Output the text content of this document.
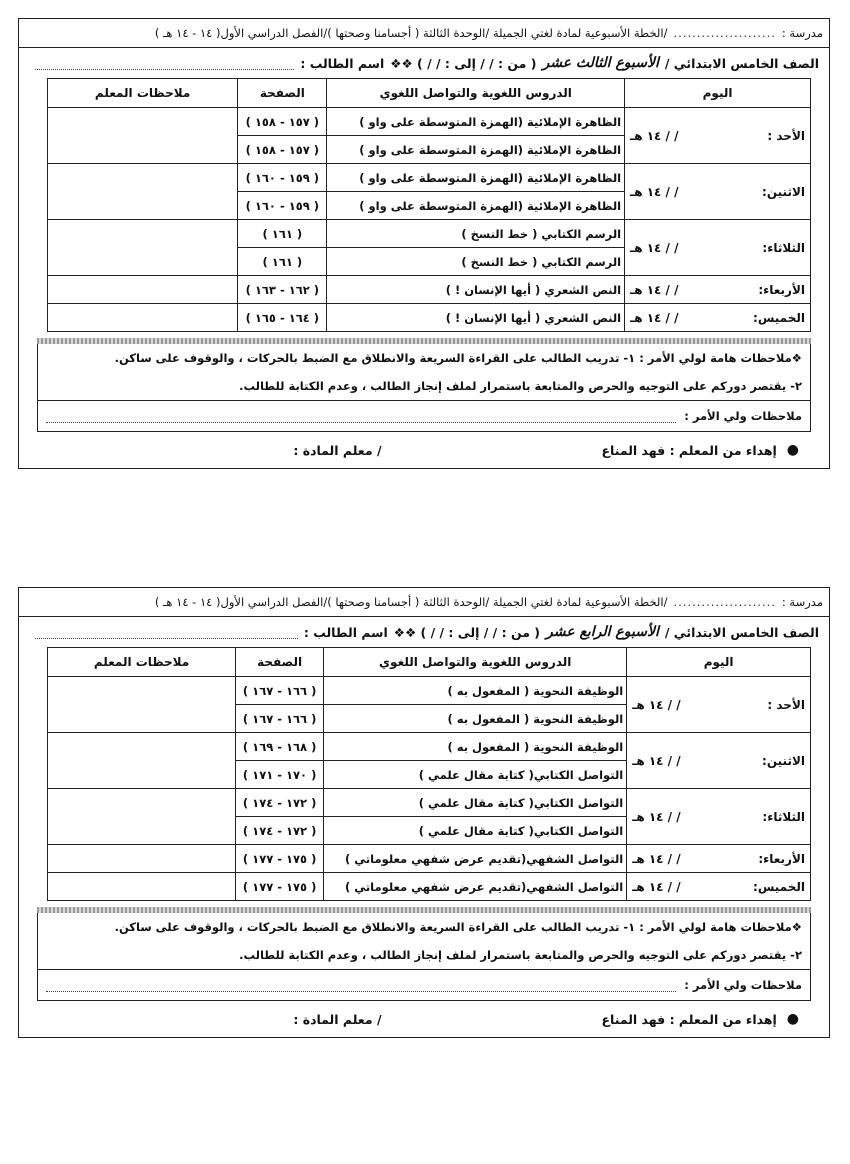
مدرسة :
......................
/الخطة الأسبوعية لمادة لغتي الجميلة /الوحدة الثالثة ( أجسامنا وصحتها )/الفصل الدراسي الأول( ١٤ - ١٤ هـ )
الصف الخامس الابتدائي /
الأسبوع الثالث عشر
( من : / / إلى : / / ) ❖❖
اسم الطالب :
اليوم	الدروس اللغوية والتواصل اللغوي	الصفحة	ملاحظات المعلم

الأحد :
/ / ١٤ هـ	الظاهرة الإملائية (الهمزة المتوسطة على واو )	( ١٥٧ - ١٥٨ )	
	الظاهرة الإملائية (الهمزة المتوسطة على واو )	( ١٥٧ - ١٥٨ )	

الاثنين:
/ / ١٤ هـ	الظاهرة الإملائية (الهمزة المتوسطة على واو )	( ١٥٩ - ١٦٠ )	
	الظاهرة الإملائية (الهمزة المتوسطة على واو )	( ١٥٩ - ١٦٠ )	

الثلاثاء:
/ / ١٤ هـ	الرسم الكتابي ( خط النسخ )	( ١٦١ )	
	الرسم الكتابي ( خط النسخ )	( ١٦١ )	

الأربعاء:
/ / ١٤ هـ	النص الشعري ( أيها الإنسان ! )	( ١٦٢ - ١٦٣ )	

الخميس:
/ / ١٤ هـ	النص الشعري ( أيها الإنسان ! )	( ١٦٤ - ١٦٥ )	
❖ملاحظات هامة لولي الأمر : ١- تدريب الطالب على القراءة السريعة والانطلاق مع الضبط بالحركات ، والوقوف على ساكن.
٢- يقتصر دوركم على التوجيه والحرص والمتابعة باستمرار لملف إنجاز الطالب ، وعدم الكتابة للطالب.
ملاحظات ولي الأمر :
●
إهداء من المعلم : فهد المناع
/ معلم المادة :
مدرسة :
......................
/الخطة الأسبوعية لمادة لغتي الجميلة /الوحدة الثالثة ( أجسامنا وصحتها )/الفصل الدراسي الأول( ١٤ - ١٤ هـ )
الصف الخامس الابتدائي /
الأسبوع الرابع عشر
( من : / / إلى : / / ) ❖❖
اسم الطالب :
اليوم	الدروس اللغوية والتواصل اللغوي	الصفحة	ملاحظات المعلم

الأحد :
/ / ١٤ هـ	الوظيفة النحوية ( المفعول به )	( ١٦٦ - ١٦٧ )	
	الوظيفة النحوية ( المفعول به )	( ١٦٦ - ١٦٧ )	

الاثنين:
/ / ١٤ هـ	الوظيفة النحوية ( المفعول به )	( ١٦٨ - ١٦٩ )	
	التواصل الكتابي( كتابة مقال علمي )	( ١٧٠ - ١٧١ )	

الثلاثاء:
/ / ١٤ هـ	التواصل الكتابي( كتابة مقال علمي )	( ١٧٢ - ١٧٤ )	
	التواصل الكتابي( كتابة مقال علمي )	( ١٧٢ - ١٧٤ )	

الأربعاء:
/ / ١٤ هـ	التواصل الشفهي(تقديم عرض شفهي معلوماتي )	( ١٧٥ - ١٧٧ )	

الخميس:
/ / ١٤ هـ	التواصل الشفهي(تقديم عرض شفهي معلوماتي )	( ١٧٥ - ١٧٧ )	
❖ملاحظات هامة لولي الأمر : ١- تدريب الطالب على القراءة السريعة والانطلاق مع الضبط بالحركات ، والوقوف على ساكن.
٢- يقتصر دوركم على التوجيه والحرص والمتابعة باستمرار لملف إنجاز الطالب ، وعدم الكتابة للطالب.
ملاحظات ولي الأمر :
●
إهداء من المعلم : فهد المناع
/ معلم المادة :
